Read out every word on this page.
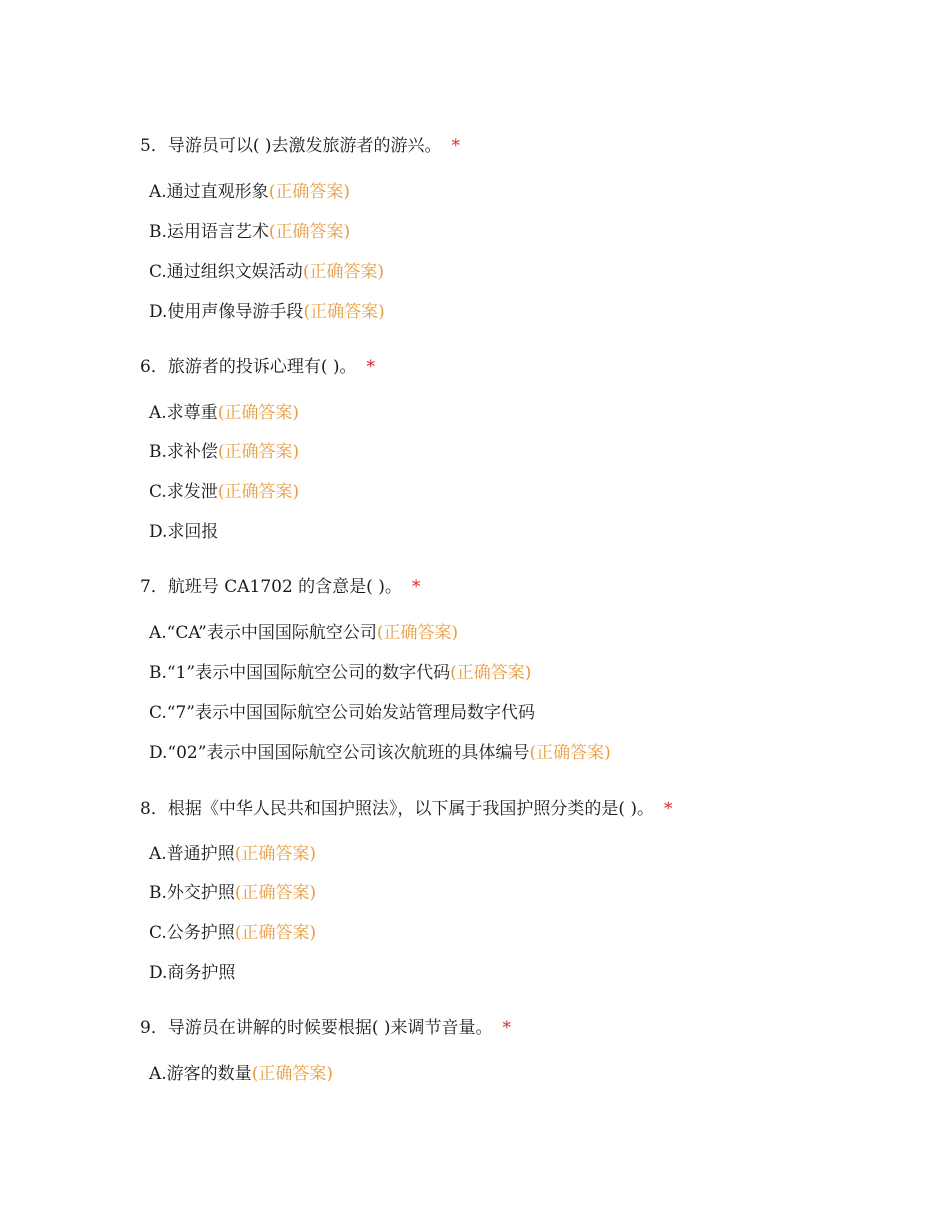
5．导游员可以( )去激发旅游者的游兴。 *
A.通过直观形象(正确答案)
B.运用语言艺术(正确答案)
C.通过组织文娱活动(正确答案)
D.使用声像导游手段(正确答案)
6．旅游者的投诉心理有( )。 *
A.求尊重(正确答案)
B.求补偿(正确答案)
C.求发泄(正确答案)
D.求回报
7．航班号 CA1702 的含意是( )。 *
A.“CA”表示中国国际航空公司(正确答案)
B.“1”表示中国国际航空公司的数字代码(正确答案)
C.“7”表示中国国际航空公司始发站管理局数字代码
D.“02”表示中国国际航空公司该次航班的具体编号(正确答案)
8．根据《中华人民共和国护照法》，以下属于我国护照分类的是( )。 *
A.普通护照(正确答案)
B.外交护照(正确答案)
C.公务护照(正确答案)
D.商务护照
9．导游员在讲解的时候要根据( )来调节音量。 *
A.游客的数量(正确答案)
